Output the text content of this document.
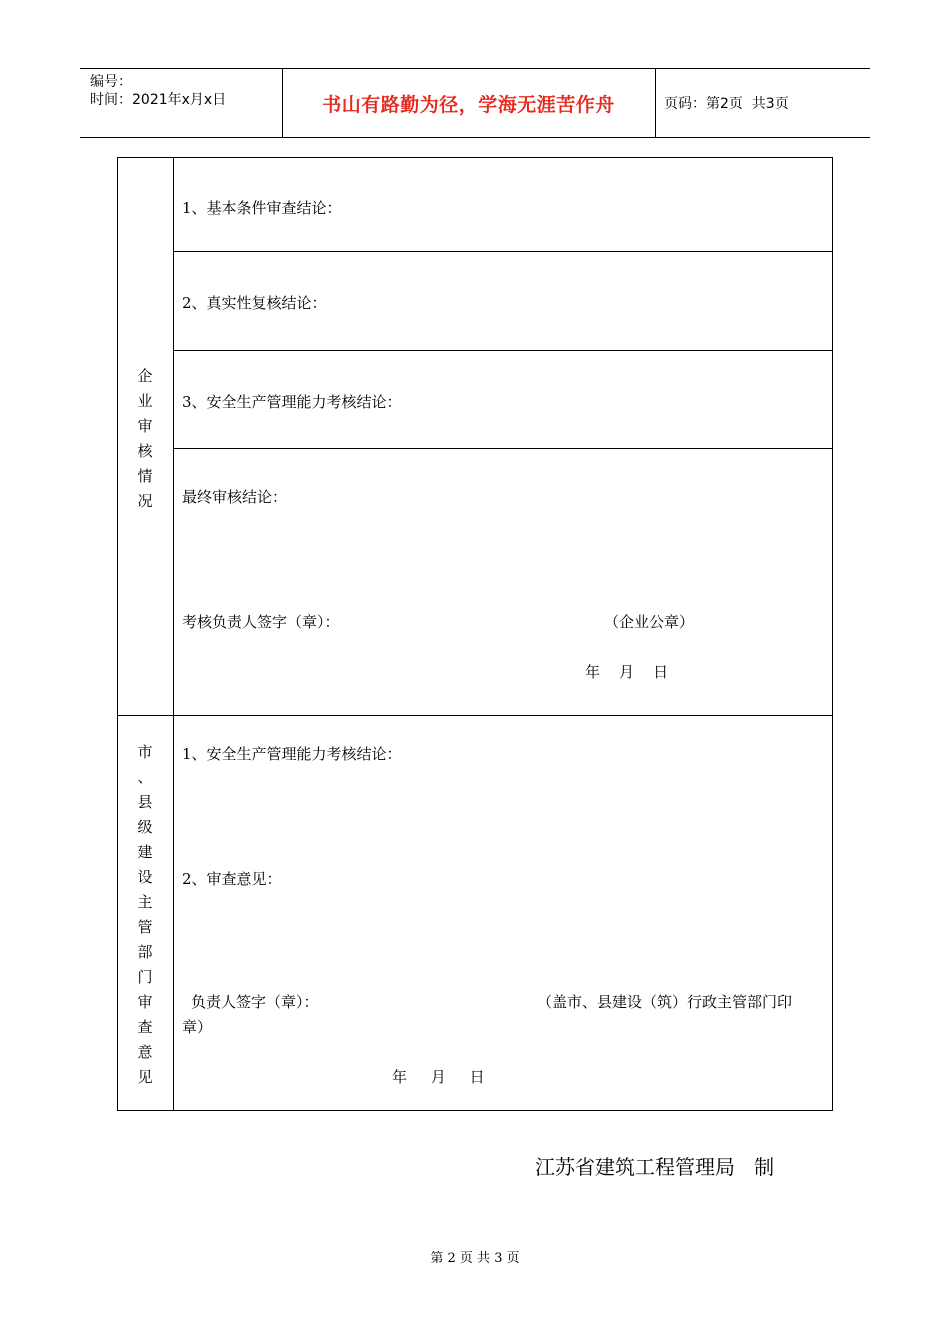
编号：
时间：2021年x月x日	书山有路勤为径，学海无涯苦作舟	页码：第2页  共3页
企
业
审
核
情
况
1、基本条件审查结论：
2、真实性复核结论：
3、安全生产管理能力考核结论：
最终审核结论：
考核负责人签字（章）：	（企业公章）
年    月    日
市
、
县
级
建
设
主
管
部
门
审
查
意
见
1、安全生产管理能力考核结论：
2、审查意见：
负责人签字（章）：	（盖市、县建设（筑）行政主管部门印
章）
年     月     日
江苏省建筑工程管理局   制
第 2 页 共 3 页
